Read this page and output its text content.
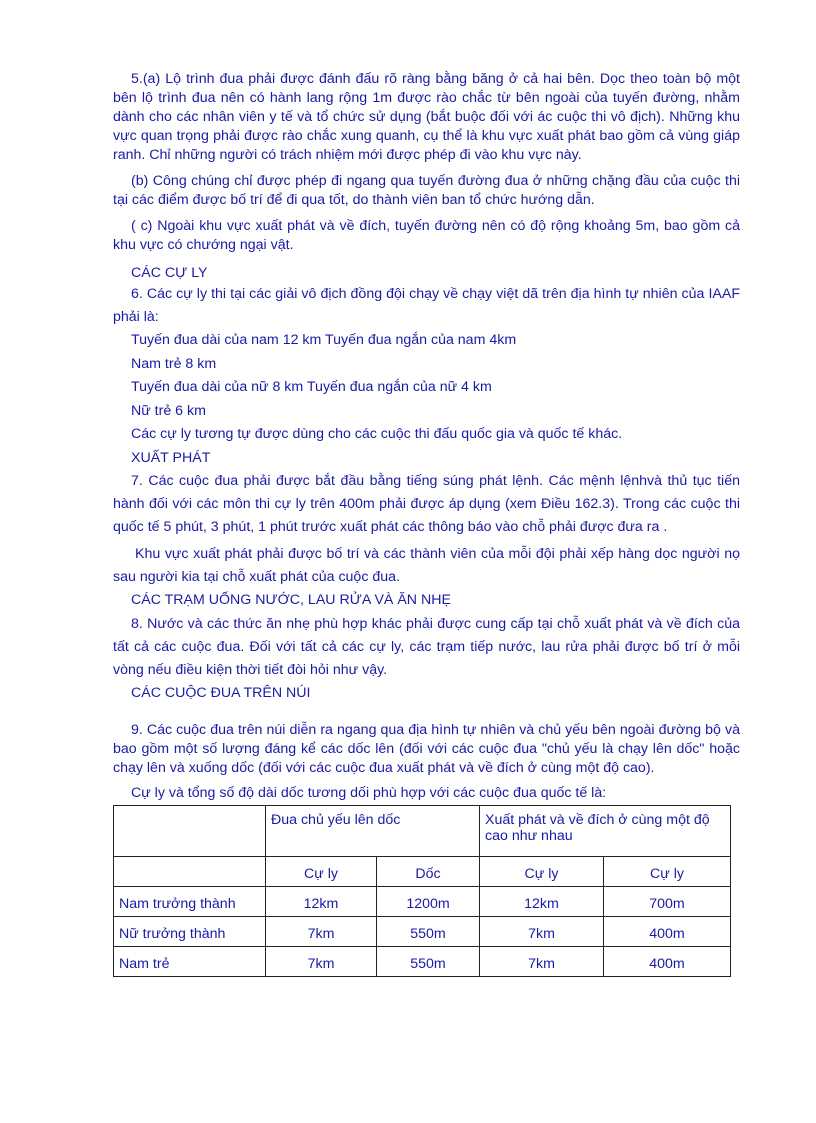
5.(a) Lộ trình đua phải được đánh đấu rõ ràng bằng băng ở cả hai bên. Dọc theo toàn bộ một bên lộ trình đua nên có hành lang rộng 1m được rào chắc từ bên ngoài của tuyến đường, nhằm dành cho các nhân viên y tế và tổ chức sử dụng (bắt buộc đối với ác cuộc thi vô địch). Những khu vực quan trọng phải được rào chắc xung quanh, cụ thể là khu vực xuất phát bao gồm cả vùng giáp ranh. Chỉ những người có trách nhiệm mới được phép đi vào khu vực này.

(b) Công chúng chỉ được phép đi ngang qua tuyến đường đua ở những chặng đầu của cuộc thi tại các điểm được bố trí để đi qua tốt, do thành viên ban tổ chức hướng dẫn.

( c) Ngoài khu vực xuất phát và về đích, tuyến đường nên có độ rộng khoảng 5m, bao gồm cả khu vực có chướng ngại vật.

CÁC CỰ LY

6. Các cự ly thi tại các giải vô địch đồng đội chạy về chạy việt dã trên địa hình tự nhiên của IAAF phải là:

Tuyến đua dài của nam 12 km Tuyến đua ngắn của nam 4km

Nam trẻ 8 km

Tuyến đua dài của nữ 8 km Tuyến đua ngắn của nữ 4 km

Nữ trẻ 6 km

Các cự ly tương tự được dùng cho các cuộc thi đấu quốc gia và quốc tế khác.

XUẤT PHÁT

7. Các cuộc đua phải được bắt đầu bằng tiếng súng phát lệnh. Các mệnh lệnhvà thủ tục tiến hành đối với các môn thi cự ly trên 400m phải được áp dụng (xem Điều 162.3). Trong các cuộc thi quốc tế 5 phút, 3 phút, 1 phút trước xuất phát các thông báo vào chỗ phải được đưa ra .

Khu vực xuất phát phải được bố trí và các thành viên của mỗi đội phải xếp hàng dọc người nọ sau người kia tại chỗ xuất phát của cuộc đua.

CÁC TRẠM UỐNG NƯỚC, LAU RỬA VÀ ĂN NHẸ

8. Nước và các thức ăn nhẹ phù hợp khác phải được cung cấp tại chỗ xuất phát và về đích của tất cả các cuộc đua. Đối với tất cả các cự ly, các trạm tiếp nước, lau rửa phải được bố trí ở mỗi vòng nếu điều kiện thời tiết đòi hỏi như vậy.

CÁC CUỘC ĐUA TRÊN NÚI

9. Các cuộc đua trên núi diễn ra ngang qua địa hình tự nhiên và chủ yếu bên ngoài đường bộ và bao gồm một số lượng đáng kể các dốc lên (đối với các cuộc đua "chủ yếu là chạy lên dốc" hoặc chạy lên và xuống dốc (đối với các cuộc đua xuất phát và về đích ở cùng một độ cao).

Cự ly và tổng số độ dài dốc tương dối phù hợp với các cuộc đua quốc tế là:

	Đua chủ yếu lên dốc		Xuất phát và về đích ở cùng một độ cao như nhau	
	Cự ly	Dốc	Cự ly	Cự ly
Nam trưởng thành	12km	1200m	12km	700m
Nữ trưởng thành	7km	550m	7km	400m
Nam trẻ	7km	550m	7km	400m
